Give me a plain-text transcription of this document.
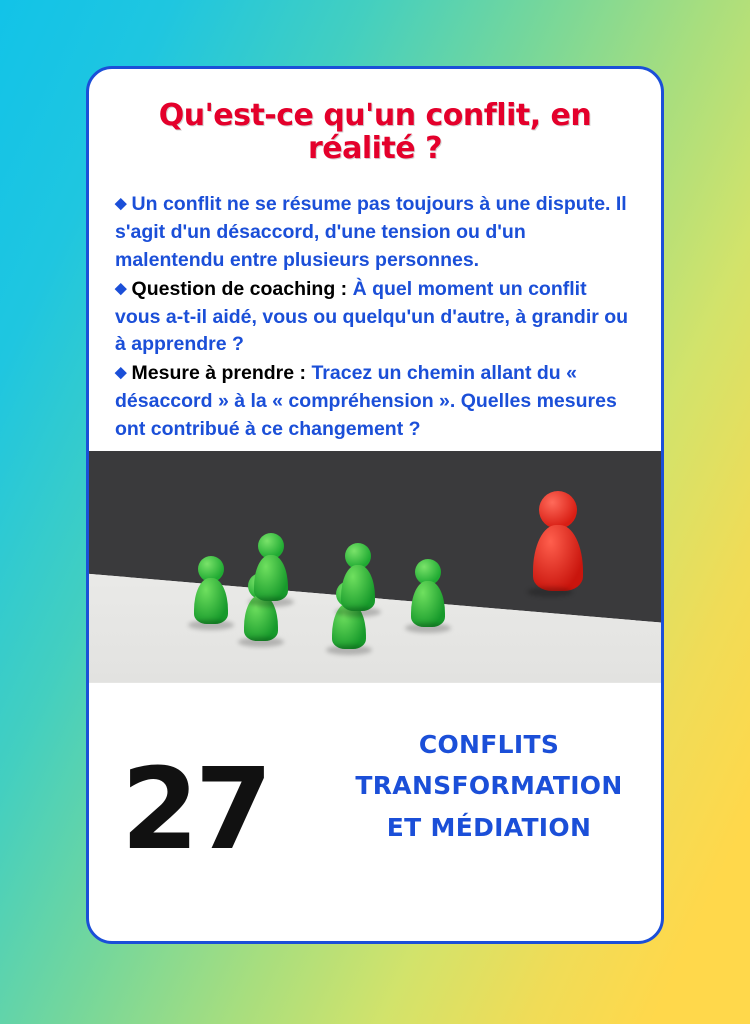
Qu'est-ce qu'un conflit, en réalité ?
◆ Un conflit ne se résume pas toujours à une dispute. Il s'agit d'un désaccord, d'une tension ou d'un malentendu entre plusieurs personnes.
◆ Question de coaching : À quel moment un conflit vous a-t-il aidé, vous ou quelqu'un d'autre, à grandir ou à apprendre ?
◆ Mesure à prendre : Tracez un chemin allant du « désaccord » à la « compréhension ». Quelles mesures ont contribué à ce changement ?
27
CONFLITS
TRANSFORMATION
ET MÉDIATION
